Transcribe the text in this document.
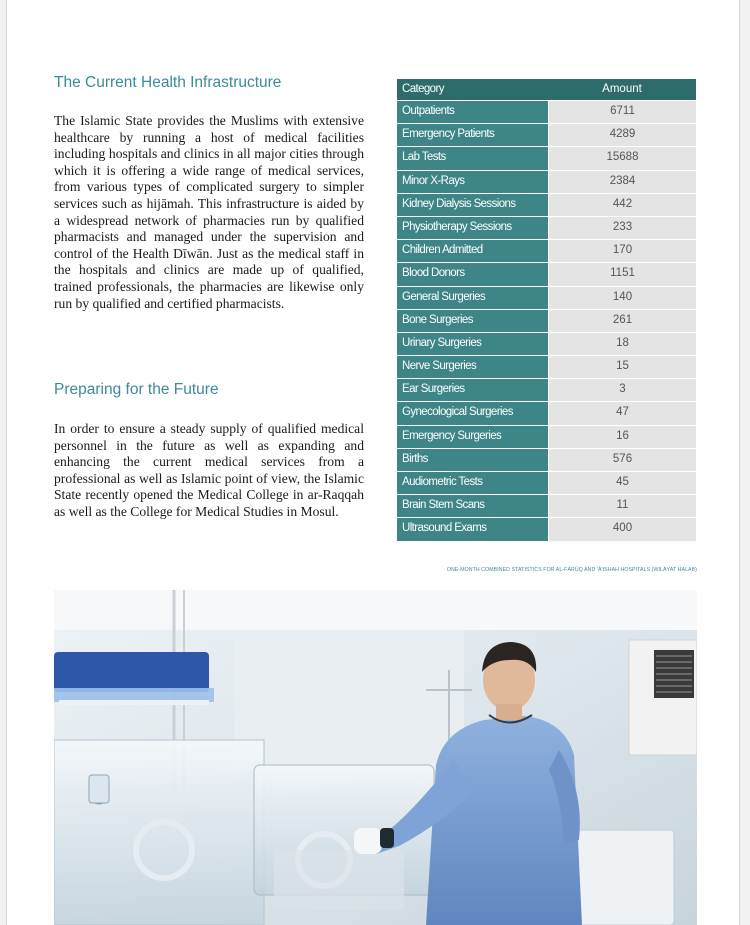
The Current Health Infrastructure

The Islamic State provides the Muslims with extensive healthcare by running a host of medical facilities including hospitals and clinics in all major cities through which it is offering a wide range of medical services, from various types of complicated surgery to simpler services such as hijāmah. This infrastructure is aided by a widespread network of pharmacies run by qualified pharmacists and managed under the supervision and control of the Health Dīwān. Just as the medical staff in the hospitals and clinics are made up of qualified, trained professionals, the pharmacies are likewise only run by qualified and certified pharmacists.

Preparing for the Future

In order to ensure a steady supply of qualified medical personnel in the future as well as expanding and enhancing the current medical services from a professional as well as Islamic point of view, the Islamic State recently opened the Medical College in ar-Raqqah as well as the College for Medical Studies in Mosul.

Category	Amount
Outpatients	6711
Emergency Patients	4289
Lab Tests	15688
Minor X-Rays	2384
Kidney Dialysis Sessions	442
Physiotherapy Sessions	233
Children Admitted	170
Blood Donors	1151
General Surgeries	140
Bone Surgeries	261
Urinary Surgeries	18
Nerve Surgeries	15
Ear Surgeries	3
Gynecological Surgeries	47
Emergency Surgeries	16
Births	576
Audiometric Tests	45
Brain Stem Scans	11
Ultrasound Exams	400
ONE-MONTH COMBINED STATISTICS FOR AL-FĀRŪQ AND 'Ā'ISHAH HOSPITALS (WILĀYAT HALAB)
